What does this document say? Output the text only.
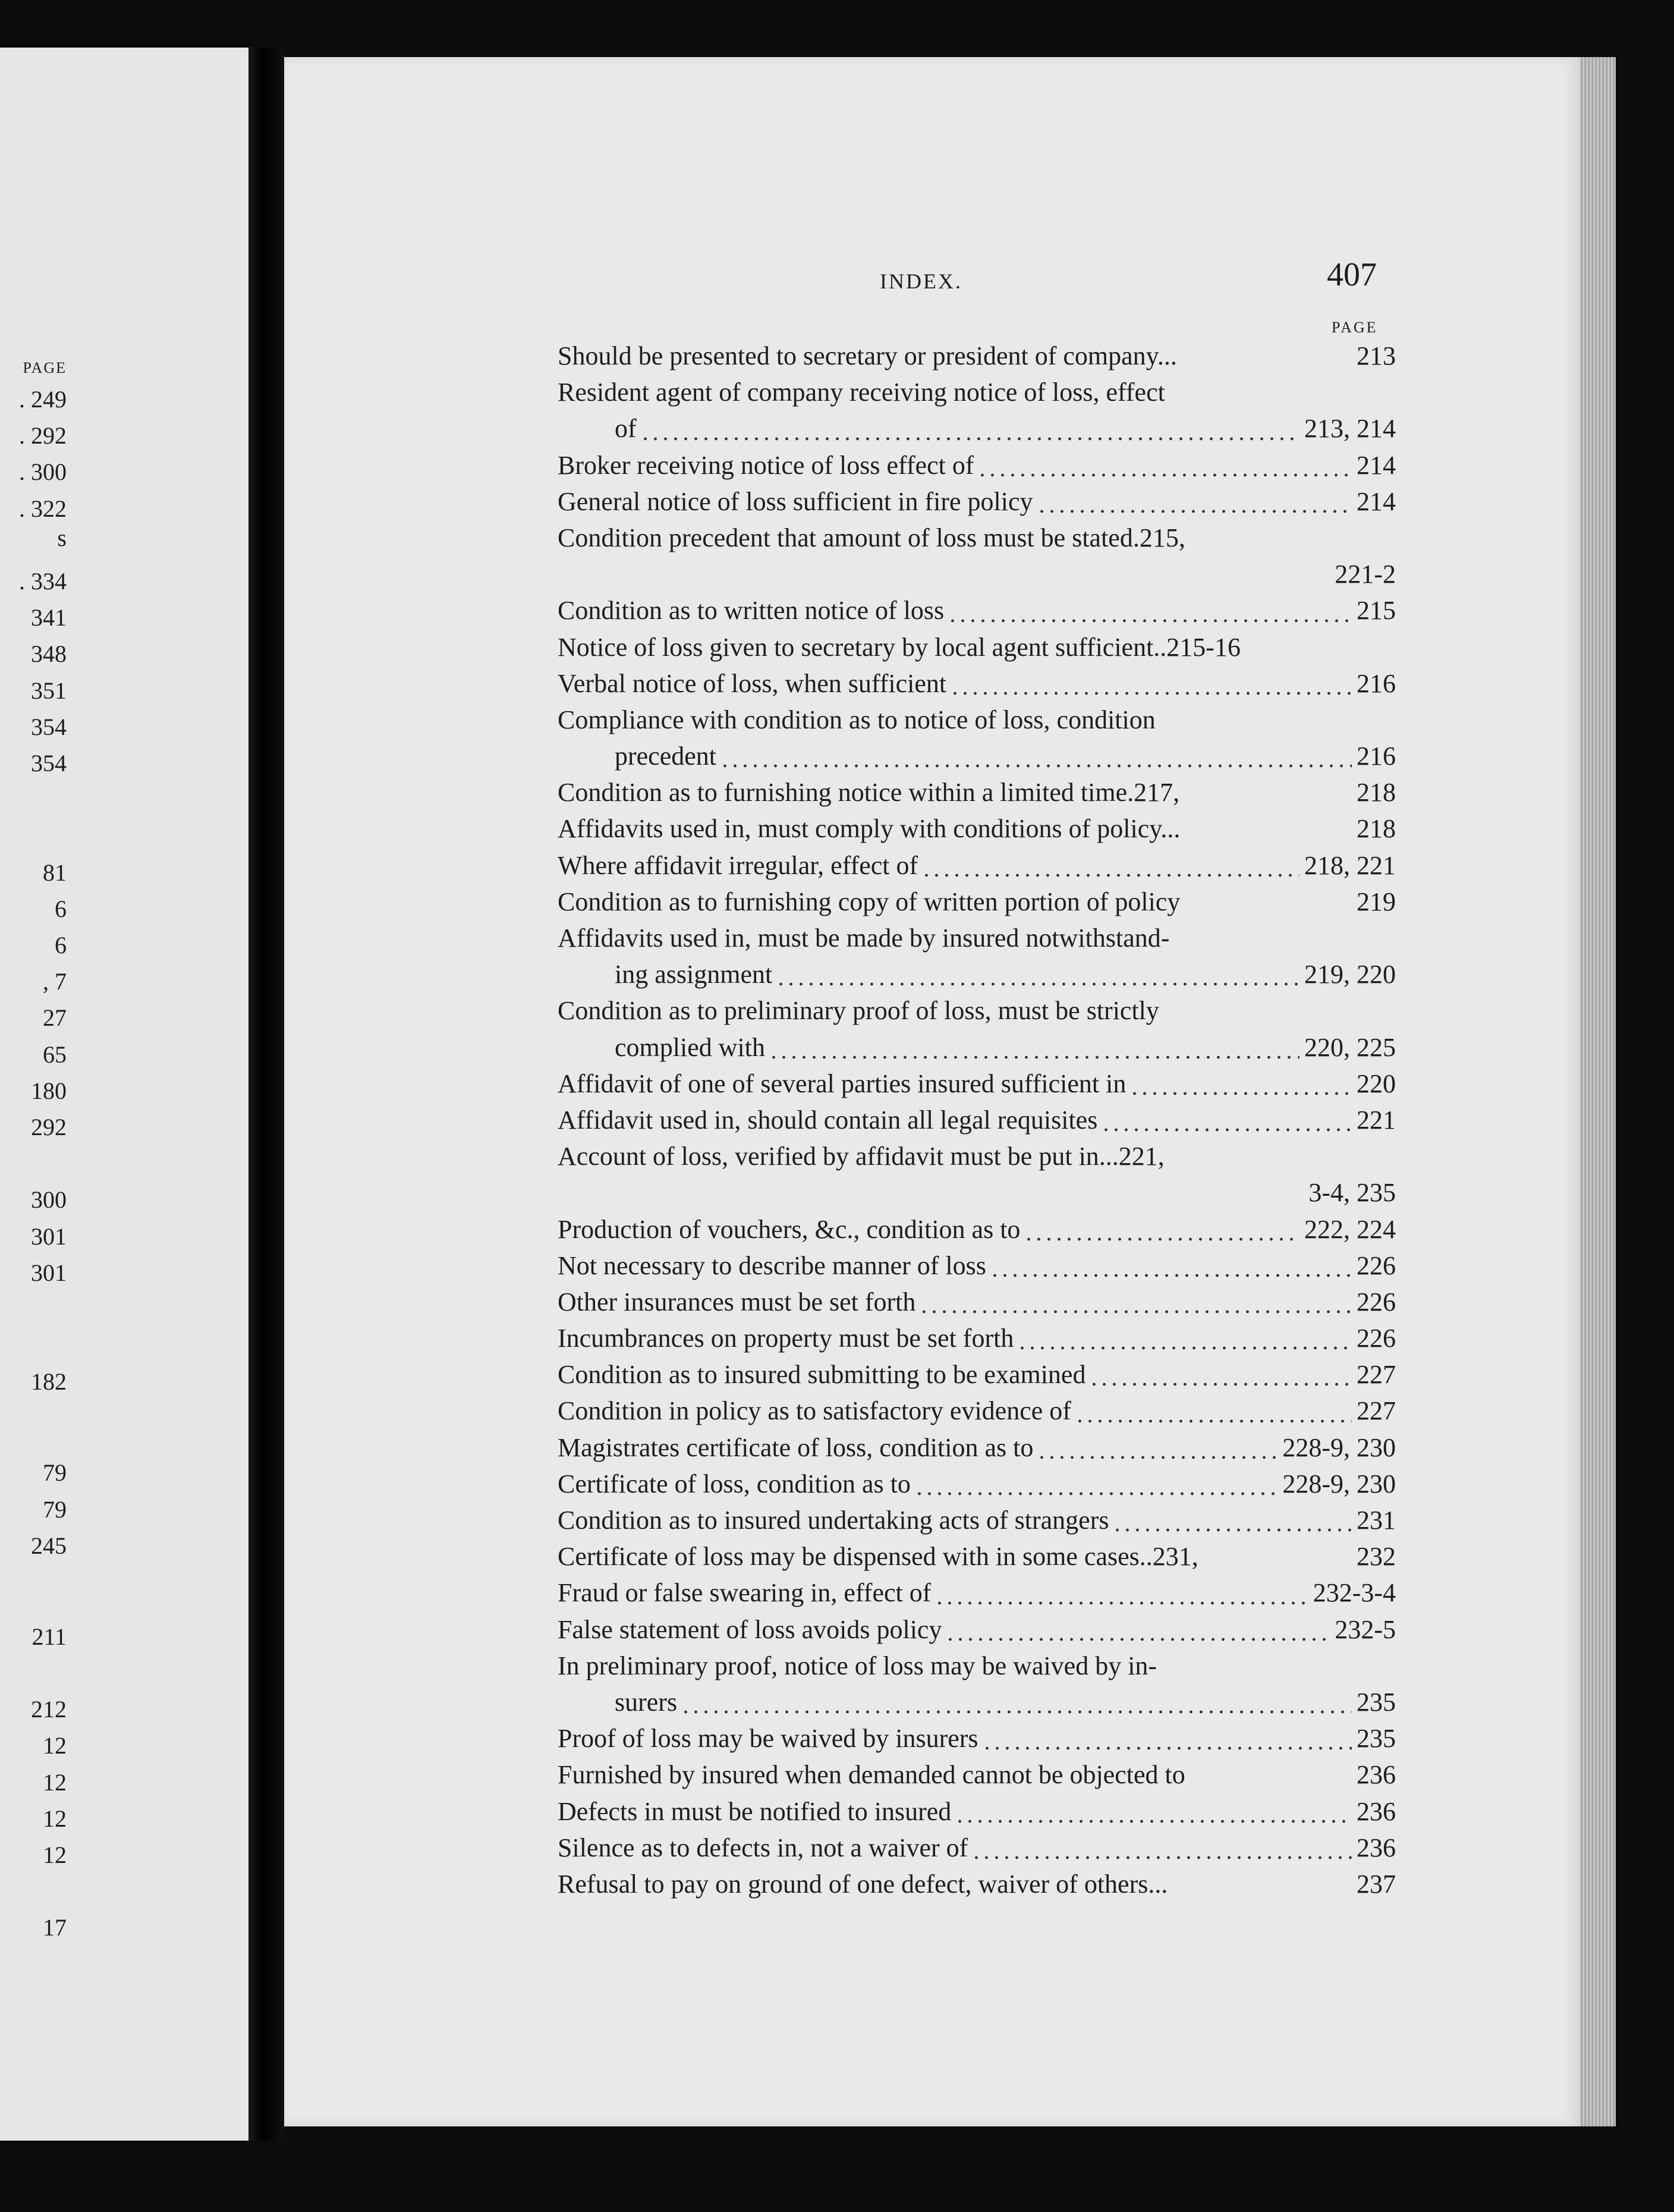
PAGE
. 249
. 292
. 300
. 322
s
. 334
341
348
351
354
354
81
6
6
, 7
27
65
180
292
300
301
301
182
79
79
245
211
212
12
12
12
12
17
INDEX.	407
PAGE
Should be presented to secretary or president of company...	213
Resident agent of company receiving notice of loss, effect
of	213, 214
Broker receiving notice of loss effect of	214
General notice of loss sufficient in fire policy	214
Condition precedent that amount of loss must be stated.215,
221-2
Condition as to written notice of loss	215
Notice of loss given to secretary by local agent sufficient..215-16
Verbal notice of loss, when sufficient	216
Compliance with condition as to notice of loss, condition
precedent	216
Condition as to furnishing notice within a limited time.217,	218
Affidavits used in, must comply with conditions of policy...	218
Where affidavit irregular, effect of	218, 221
Condition as to furnishing copy of written portion of policy	219
Affidavits used in, must be made by insured notwithstand-
ing assignment	219, 220
Condition as to preliminary proof of loss, must be strictly
complied with	220, 225
Affidavit of one of several parties insured sufficient in	220
Affidavit used in, should contain all legal requisites	221
Account of loss, verified by affidavit must be put in...221,
3-4, 235
Production of vouchers, &c., condition as to	222, 224
Not necessary to describe manner of loss	226
Other insurances must be set forth	226
Incumbrances on property must be set forth	226
Condition as to insured submitting to be examined	227
Condition in policy as to satisfactory evidence of	227
Magistrates certificate of loss, condition as to	228-9, 230
Certificate of loss, condition as to	228-9, 230
Condition as to insured undertaking acts of strangers	231
Certificate of loss may be dispensed with in some cases..231,	232
Fraud or false swearing in, effect of	232-3-4
False statement of loss avoids policy	232-5
In preliminary proof, notice of loss may be waived by in-
surers	235
Proof of loss may be waived by insurers	235
Furnished by insured when demanded cannot be objected to	236
Defects in must be notified to insured	236
Silence as to defects in, not a waiver of	236
Refusal to pay on ground of one defect, waiver of others...	237
